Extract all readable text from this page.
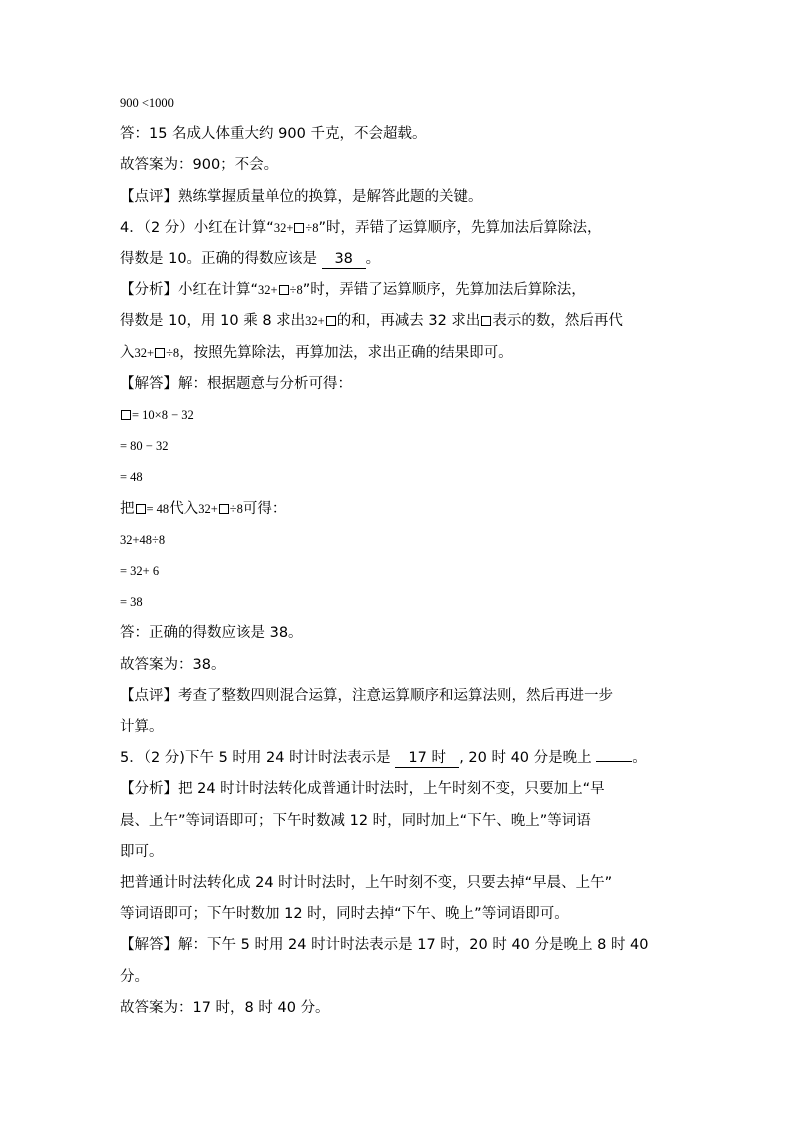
900 <1000
答：15 名成人体重大约 900 千克，不会超载。
故答案为：900；不会。
【点评】熟练掌握质量单位的换算，是解答此题的关键。
4．（2 分）小红在计算“32+ ÷8”时，弄错了运算顺序，先算加法后算除法，
得数是 10。正确的得数应该是 38 。
【分析】小红在计算“32+ ÷8”时，弄错了运算顺序，先算加法后算除法，
得数是 10，用 10 乘 8 求出32+ 的和，再减去 32 求出 表示的数，然后再代
入32+ ÷8，按照先算除法，再算加法，求出正确的结果即可。
【解答】解：根据题意与分析可得：
= 10×8 − 32
= 80 − 32
= 48
把 = 48代入32+ ÷8可得：
32+48÷8
= 32+ 6
= 38
答：正确的得数应该是 38。
故答案为：38。
【点评】考查了整数四则混合运算，注意运算顺序和运算法则，然后再进一步
计算。
5．（2 分)下午 5 时用 24 时计时法表示是 17 时 , 20 时 40 分是晚上 。
【分析】把 24 时计时法转化成普通计时法时，上午时刻不变，只要加上“早
晨、上午”等词语即可；下午时数减 12 时，同时加上“下午、晚上”等词语
即可。
把普通计时法转化成 24 时计时法时，上午时刻不变，只要去掉“早晨、上午”
等词语即可；下午时数加 12 时，同时去掉“下午、晚上”等词语即可。
【解答】解：下午 5 时用 24 时计时法表示是 17 时，20 时 40 分是晚上 8 时 40
分。
故答案为：17 时，8 时 40 分。
